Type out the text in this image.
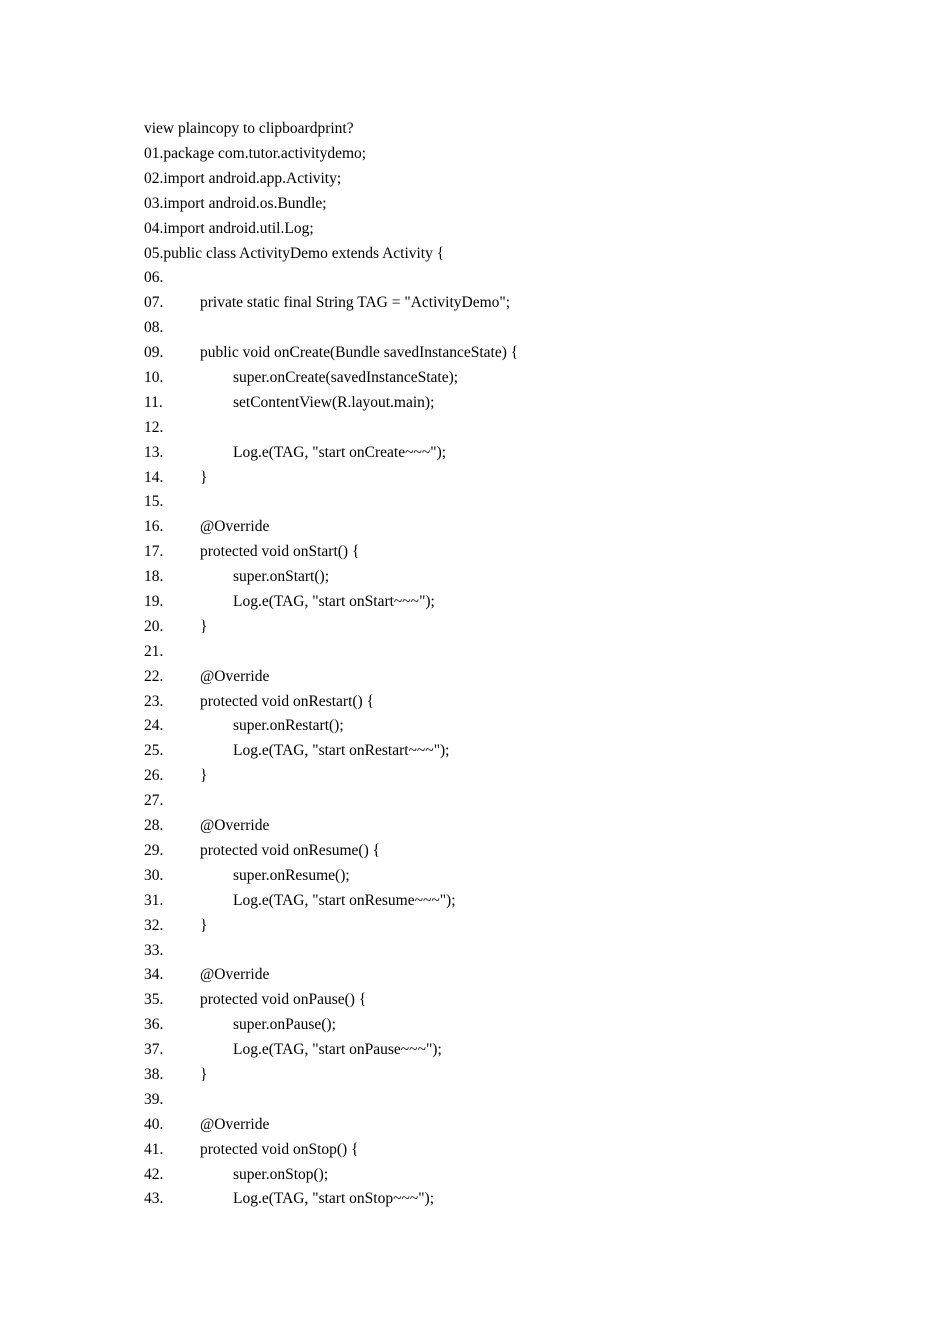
view plaincopy to clipboardprint?
01.package com.tutor.activitydemo;
02.import android.app.Activity;
03.import android.os.Bundle;
04.import android.util.Log;
05.public class ActivityDemo extends Activity {
06.
07. private static final String TAG = "ActivityDemo";
08.
09. public void onCreate(Bundle savedInstanceState) {
10.	super.onCreate(savedInstanceState);
11.	setContentView(R.layout.main);
12.
13.	Log.e(TAG, "start onCreate~~~");
14. }
15.
16. @Override
17. protected void onStart() {
18.	super.onStart();
19.	Log.e(TAG, "start onStart~~~");
20. }
21.
22. @Override
23. protected void onRestart() {
24.	super.onRestart();
25.	Log.e(TAG, "start onRestart~~~");
26. }
27.
28. @Override
29. protected void onResume() {
30.	super.onResume();
31.	Log.e(TAG, "start onResume~~~");
32. }
33.
34. @Override
35. protected void onPause() {
36.	super.onPause();
37.	Log.e(TAG, "start onPause~~~");
38. }
39.
40. @Override
41. protected void onStop() {
42.	super.onStop();
43.	Log.e(TAG, "start onStop~~~");
